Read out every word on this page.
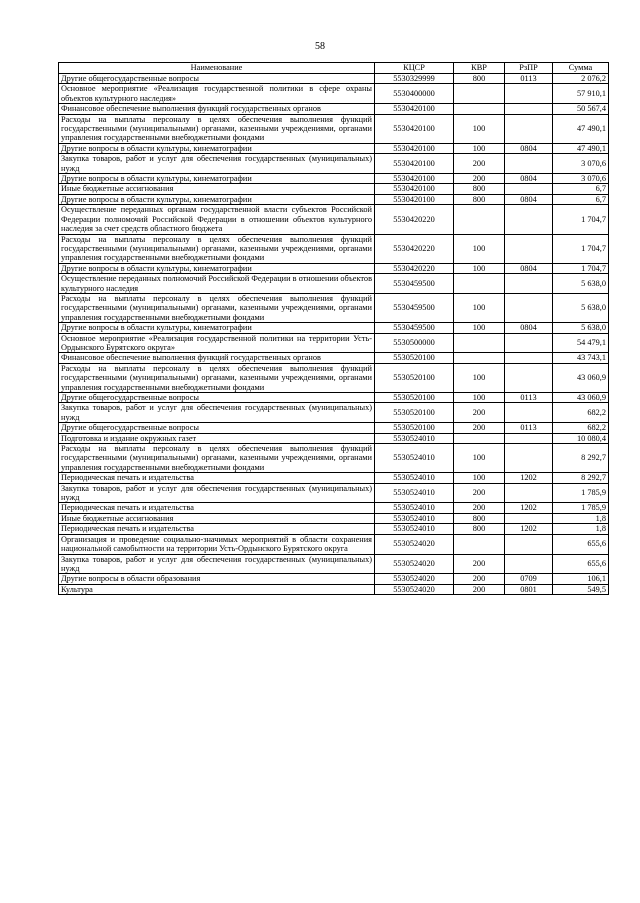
58
Наименование	КЦСР	КВР	РзПР	Сумма
Другие общегосударственные вопросы	5530329999	800	0113	2 076,2
Основное мероприятие «Реализация государственной политики в сфере охраны объектов культурного наследия»	5530400000			57 910,1
Финансовое обеспечение выполнения функций государственных органов	5530420100			50 567,4
Расходы на выплаты персоналу в целях обеспечения выполнения функций государственными (муниципальными) органами, казенными учреждениями, органами управления государственными внебюджетными фондами	5530420100	100		47 490,1
Другие вопросы в области культуры, кинематографии	5530420100	100	0804	47 490,1
Закупка товаров, работ и услуг для обеспечения государственных (муниципальных) нужд	5530420100	200		3 070,6
Другие вопросы в области культуры, кинематографии	5530420100	200	0804	3 070,6
Иные бюджетные ассигнования	5530420100	800		6,7
Другие вопросы в области культуры, кинематографии	5530420100	800	0804	6,7
Осуществление переданных органам государственной власти субъектов Российской Федерации полномочий Российской Федерации в отношении объектов культурного наследия за счет средств областного бюджета	5530420220			1 704,7
Расходы на выплаты персоналу в целях обеспечения выполнения функций государственными (муниципальными) органами, казенными учреждениями, органами управления государственными внебюджетными фондами	5530420220	100		1 704,7
Другие вопросы в области культуры, кинематографии	5530420220	100	0804	1 704,7
Осуществление переданных полномочий Российской Федерации в отношении объектов культурного наследия	5530459500			5 638,0
Расходы на выплаты персоналу в целях обеспечения выполнения функций государственными (муниципальными) органами, казенными учреждениями, органами управления государственными внебюджетными фондами	5530459500	100		5 638,0
Другие вопросы в области культуры, кинематографии	5530459500	100	0804	5 638,0
Основное мероприятие «Реализация государственной политики на территории Усть-Ордынского Бурятского округа»	5530500000			54 479,1
Финансовое обеспечение выполнения функций государственных органов	5530520100			43 743,1
Расходы на выплаты персоналу в целях обеспечения выполнения функций государственными (муниципальными) органами, казенными учреждениями, органами управления государственными внебюджетными фондами	5530520100	100		43 060,9
Другие общегосударственные вопросы	5530520100	100	0113	43 060,9
Закупка товаров, работ и услуг для обеспечения государственных (муниципальных) нужд	5530520100	200		682,2
Другие общегосударственные вопросы	5530520100	200	0113	682,2
Подготовка и издание окружных газет	5530524010			10 080,4
Расходы на выплаты персоналу в целях обеспечения выполнения функций государственными (муниципальными) органами, казенными учреждениями, органами управления государственными внебюджетными фондами	5530524010	100		8 292,7
Периодическая печать и издательства	5530524010	100	1202	8 292,7
Закупка товаров, работ и услуг для обеспечения государственных (муниципальных) нужд	5530524010	200		1 785,9
Периодическая печать и издательства	5530524010	200	1202	1 785,9
Иные бюджетные ассигнования	5530524010	800		1,8
Периодическая печать и издательства	5530524010	800	1202	1,8
Организация и проведение социально-значимых мероприятий в области сохранения национальной самобытности на территории Усть-Ордынского Бурятского округа	5530524020			655,6
Закупка товаров, работ и услуг для обеспечения государственных (муниципальных) нужд	5530524020	200		655,6
Другие вопросы в области образования	5530524020	200	0709	106,1
Культура	5530524020	200	0801	549,5
